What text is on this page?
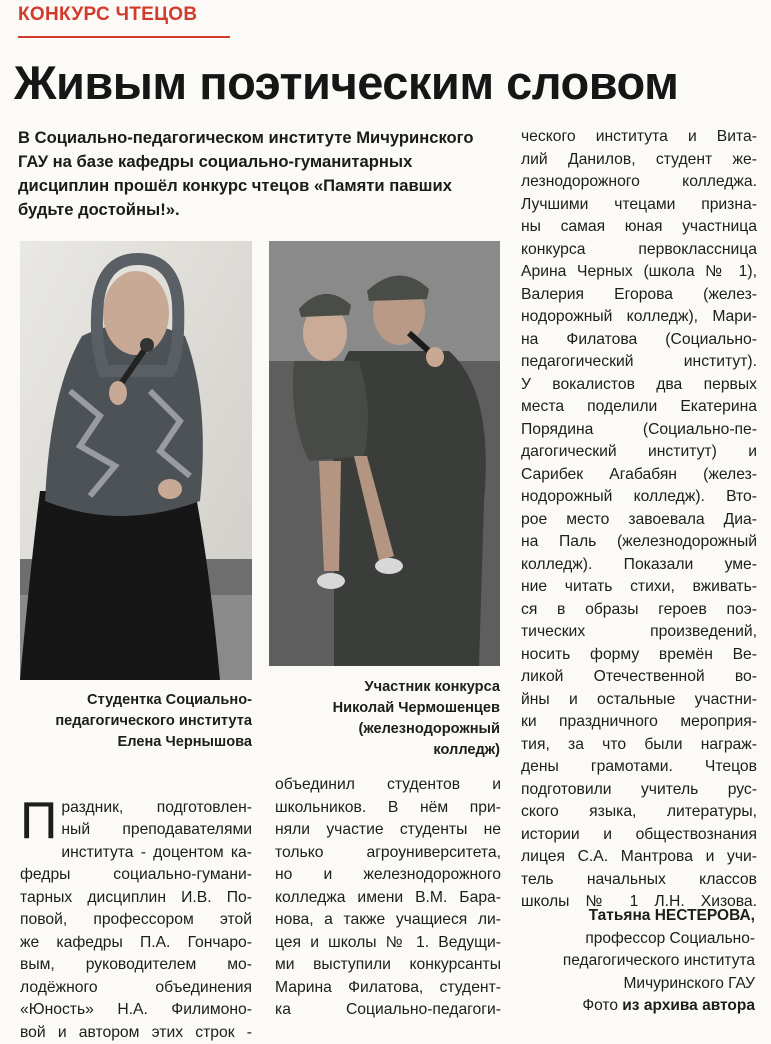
КОНКУРС ЧТЕЦОВ
Живым поэтическим словом
В Социально-педагогическом институте Мичуринского ГАУ на базе кафедры социально-гуманитарных дисциплин прошёл конкурс чтецов «Памяти павших будьте достойны!».
Студентка Социально-
педагогического института
Елена Чернышова
Участник конкурса
Николай Чермошенцев
(железнодорожный
колледж)

Праздник, подготовлен-
ный преподавателями
института - доцентом ка-
федры социально-гумани-
тарных дисциплин И.В. По-
повой, профессором этой
же кафедры П.А. Гончаро-
вым, руководителем мо-
лодёжного объединения
«Юность» Н.А. Филимоно-
вой и автором этих строк -

объединил студентов и
школьников. В нём при-
няли участие студенты не
только агроуниверситета,
но и железнодорожного
колледжа имени В.М. Бара-
нова, а также учащиеся ли-
цея и школы № 1. Ведущи-
ми выступили конкурсанты
Марина Филатова, студент-
ка Социально-педагоги-
ческого института и Вита-
лий Данилов, студент же-
лезнодорожного колледжа.
Лучшими чтецами призна-
ны самая юная участница
конкурса первоклассница
Арина Черных (школа № 1),
Валерия Егорова (желез-
нодорожный колледж), Мари-
на Филатова (Социально-
педагогический институт).
У вокалистов два первых
места поделили Екатерина
Порядина (Социально-пе-
дагогический институт) и
Сарибек Агабабян (желез-
нодорожный колледж). Вто-
рое место завоевала Диа-
на Паль (железнодорожный
колледж). Показали уме-
ние читать стихи, вживать-
ся в образы героев поэ-
тических произведений,
носить форму времён Ве-
ликой Отечественной во-
йны и остальные участни-
ки праздничного мероприя-
тия, за что были награж-
дены грамотами. Чтецов
подготовили учитель рус-
ского языка, литературы,
истории и обществознания
лицея С.А. Мантрова и учи-
тель начальных классов
школы № 1 Л.Н. Хизова.
Татьяна НЕСТЕРОВА,
профессор Социально-педагогического института Мичуринского ГАУ
Фото из архива автора
